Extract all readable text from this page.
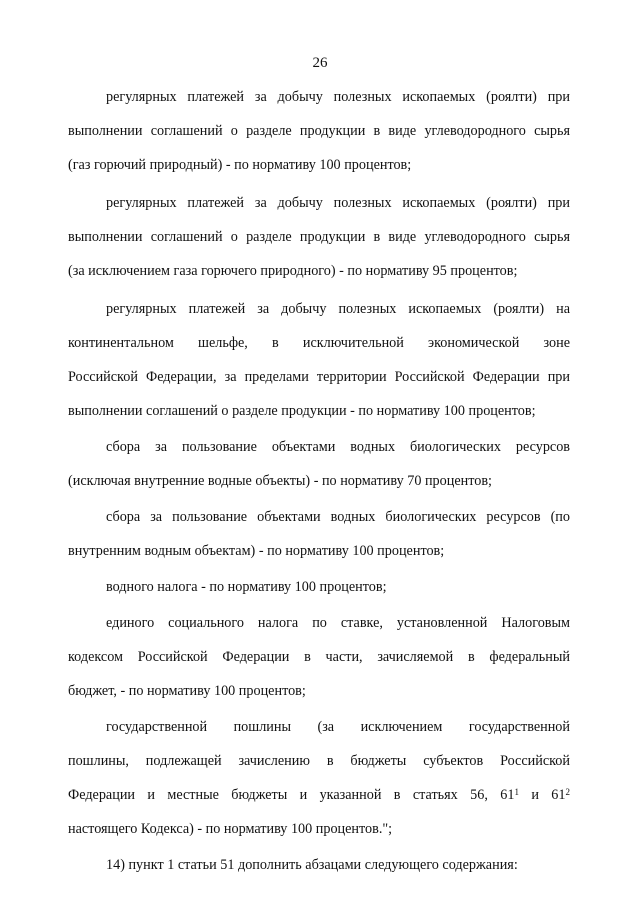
26
регулярных платежей за добычу полезных ископаемых (роялти) при
выполнении соглашений о разделе продукции в виде углеводородного сырья
(газ горючий природный) - по нормативу 100 процентов;
регулярных платежей за добычу полезных ископаемых (роялти) при
выполнении соглашений о разделе продукции в виде углеводородного сырья
(за исключением газа горючего природного) - по нормативу 95 процентов;
регулярных платежей за добычу полезных ископаемых (роялти) на
континентальном шельфе, в исключительной экономической зоне
Российской Федерации, за пределами территории Российской Федерации при
выполнении соглашений о разделе продукции - по нормативу 100 процентов;
сбора за пользование объектами водных биологических ресурсов
(исключая внутренние водные объекты) - по нормативу 70 процентов;
сбора за пользование объектами водных биологических ресурсов (по
внутренним водным объектам) - по нормативу 100 процентов;
водного налога - по нормативу 100 процентов;
единого социального налога по ставке, установленной Налоговым
кодексом Российской Федерации в части, зачисляемой в федеральный
бюджет, - по нормативу 100 процентов;
государственной пошлины (за исключением государственной
пошлины, подлежащей зачислению в бюджеты субъектов Российской
Федерации и местные бюджеты и указанной в статьях 56, $61^1$ и $61^2$
настоящего Кодекса) - по нормативу 100 процентов.";
14) пункт 1 статьи 51 дополнить абзацами следующего содержания:
